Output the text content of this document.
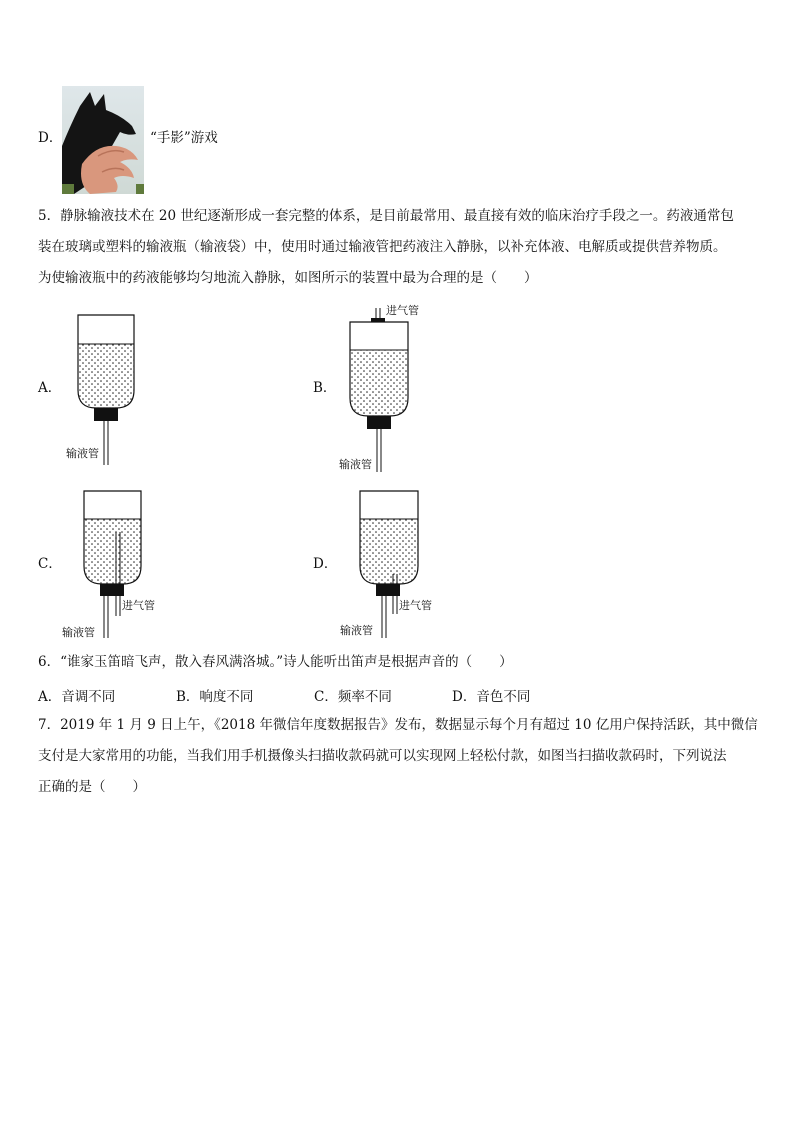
D．	“手影”游戏
5．静脉输液技术在 20 世纪逐渐形成一套完整的体系，是目前最常用、最直接有效的临床治疗手段之一。药液通常包
装在玻璃或塑料的输液瓶（输液袋）中，使用时通过输液管把药液注入静脉，以补充体液、电解质或提供营养物质。
为使输液瓶中的药液能够均匀地流入静脉，如图所示的装置中最为合理的是（　　）
A．	B．
C．	D．
输液管
进气管
输液管
进气管
输液管
进气管
输液管
6．“谁家玉笛暗飞声，散入春风满洛城。”诗人能听出笛声是根据声音的（　　）
A．音调不同	B．响度不同	C．频率不同	D．音色不同
7．2019 年 1 月 9 日上午，《2018 年微信年度数据报告》发布，数据显示每个月有超过 10 亿用户保持活跃，其中微信
支付是大家常用的功能，当我们用手机摄像头扫描收款码就可以实现网上轻松付款，如图当扫描收款码时，下列说法
正确的是（　　）
